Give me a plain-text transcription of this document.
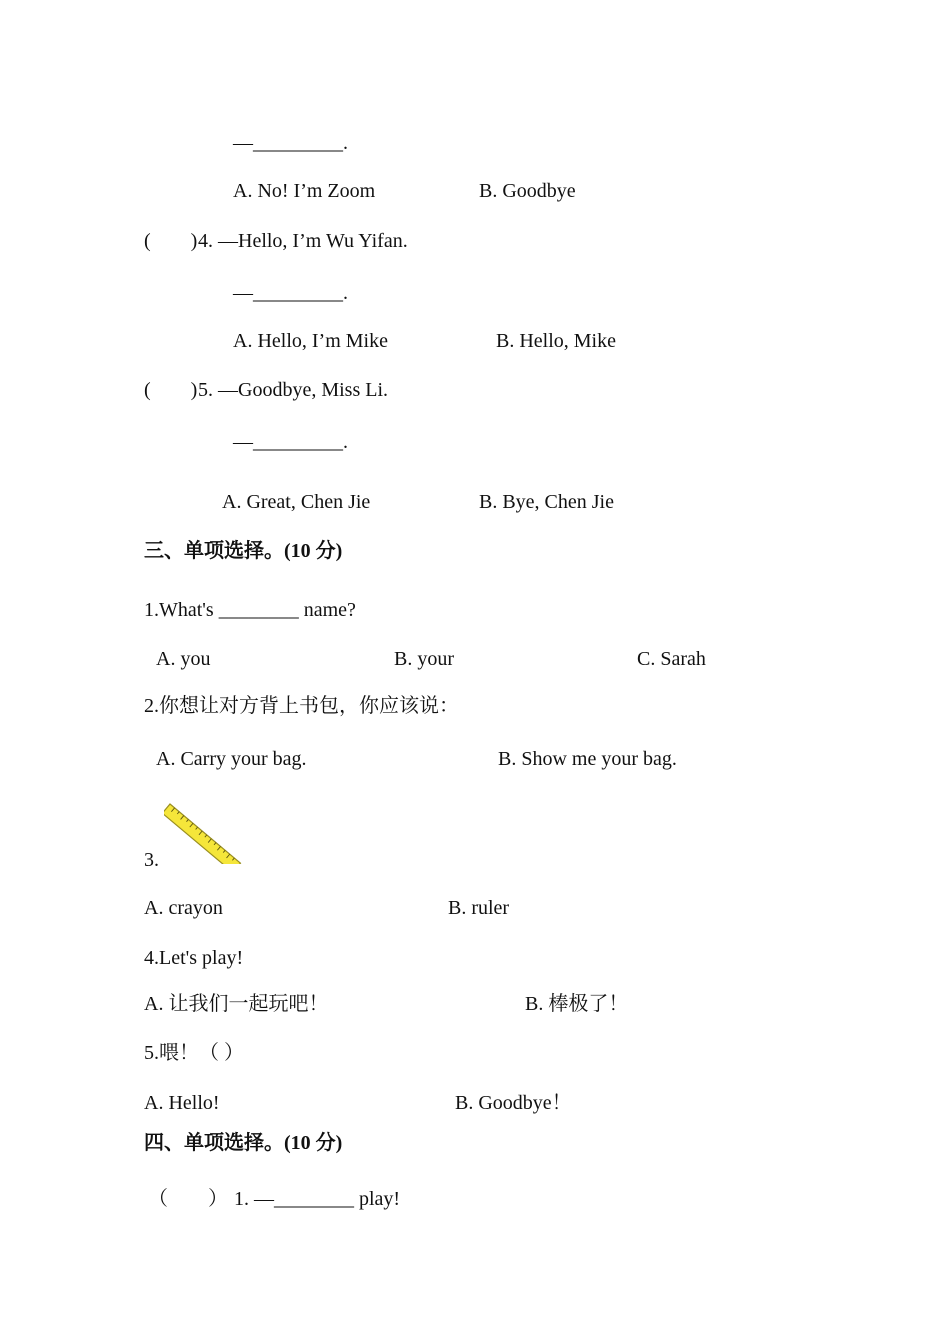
—_________.
A. No! I’m Zoom	B. Goodbye
(　　) 4. —Hello, I’m Wu Yifan.
—_________.
A. Hello, I’m Mike	B. Hello, Mike
(　　) 5. —Goodbye, Miss Li.
—_________.
A. Great, Chen Jie	B. Bye, Chen Jie
三、单项选择。(10 分)
1.What's ________ name?
A. you	B. your	C. Sarah
2.你想让对方背上书包，你应该说：
A. Carry your bag.	B. Show me your bag.
3.
A. crayon	B. ruler
4.Let's play!
A. 让我们一起玩吧！	B. 棒极了！
5.喂！（ ）
A. Hello!	B. Goodbye！
四、单项选择。(10 分)
（　　） 1. —________ play!
